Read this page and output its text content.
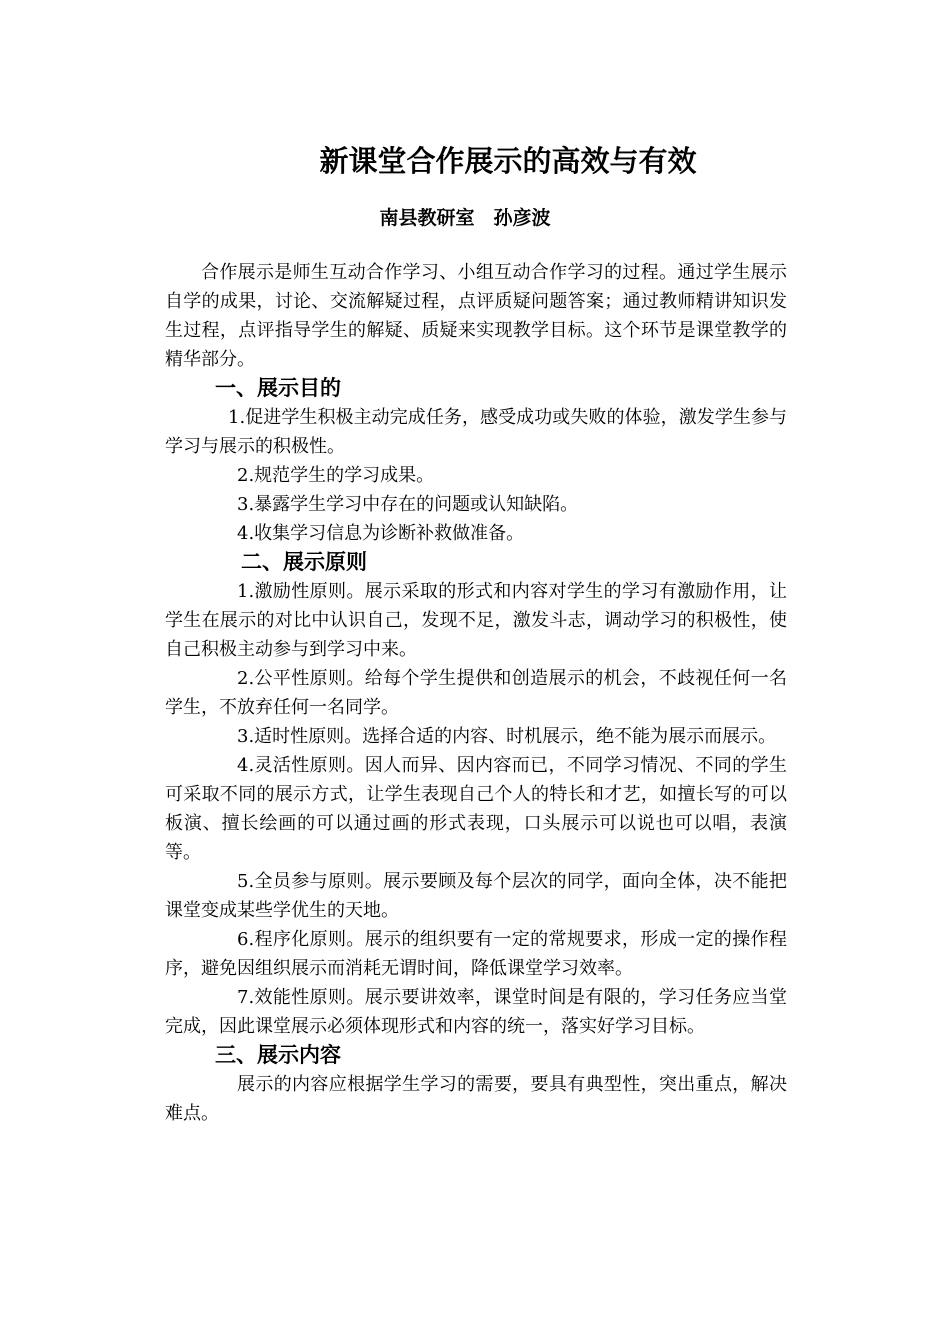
新课堂合作展示的高效与有效

南县教研室　孙彦波

合作展示是师生互动合作学习、小组互动合作学习的过程。通过学生展示自学的成果，讨论、交流解疑过程，点评质疑问题答案；通过教师精讲知识发生过程，点评指导学生的解疑、质疑来实现教学目标。这个环节是课堂教学的精华部分。

一、展示目的

1.促进学生积极主动完成任务，感受成功或失败的体验，激发学生参与学习与展示的积极性。

2.规范学生的学习成果。

3.暴露学生学习中存在的问题或认知缺陷。

4.收集学习信息为诊断补救做准备。

二、展示原则

1.激励性原则。展示采取的形式和内容对学生的学习有激励作用，让学生在展示的对比中认识自己，发现不足，激发斗志，调动学习的积极性，使自己积极主动参与到学习中来。

2.公平性原则。给每个学生提供和创造展示的机会，不歧视任何一名学生，不放弃任何一名同学。

3.适时性原则。选择合适的内容、时机展示，绝不能为展示而展示。

4.灵活性原则。因人而异、因内容而已，不同学习情况、不同的学生可采取不同的展示方式，让学生表现自己个人的特长和才艺，如擅长写的可以板演、擅长绘画的可以通过画的形式表现，口头展示可以说也可以唱，表演等。

5.全员参与原则。展示要顾及每个层次的同学，面向全体，决不能把课堂变成某些学优生的天地。

6.程序化原则。展示的组织要有一定的常规要求，形成一定的操作程序，避免因组织展示而消耗无谓时间，降低课堂学习效率。

7.效能性原则。展示要讲效率，课堂时间是有限的，学习任务应当堂完成，因此课堂展示必须体现形式和内容的统一，落实好学习目标。

三、展示内容

展示的内容应根据学生学习的需要，要具有典型性，突出重点，解决难点。
